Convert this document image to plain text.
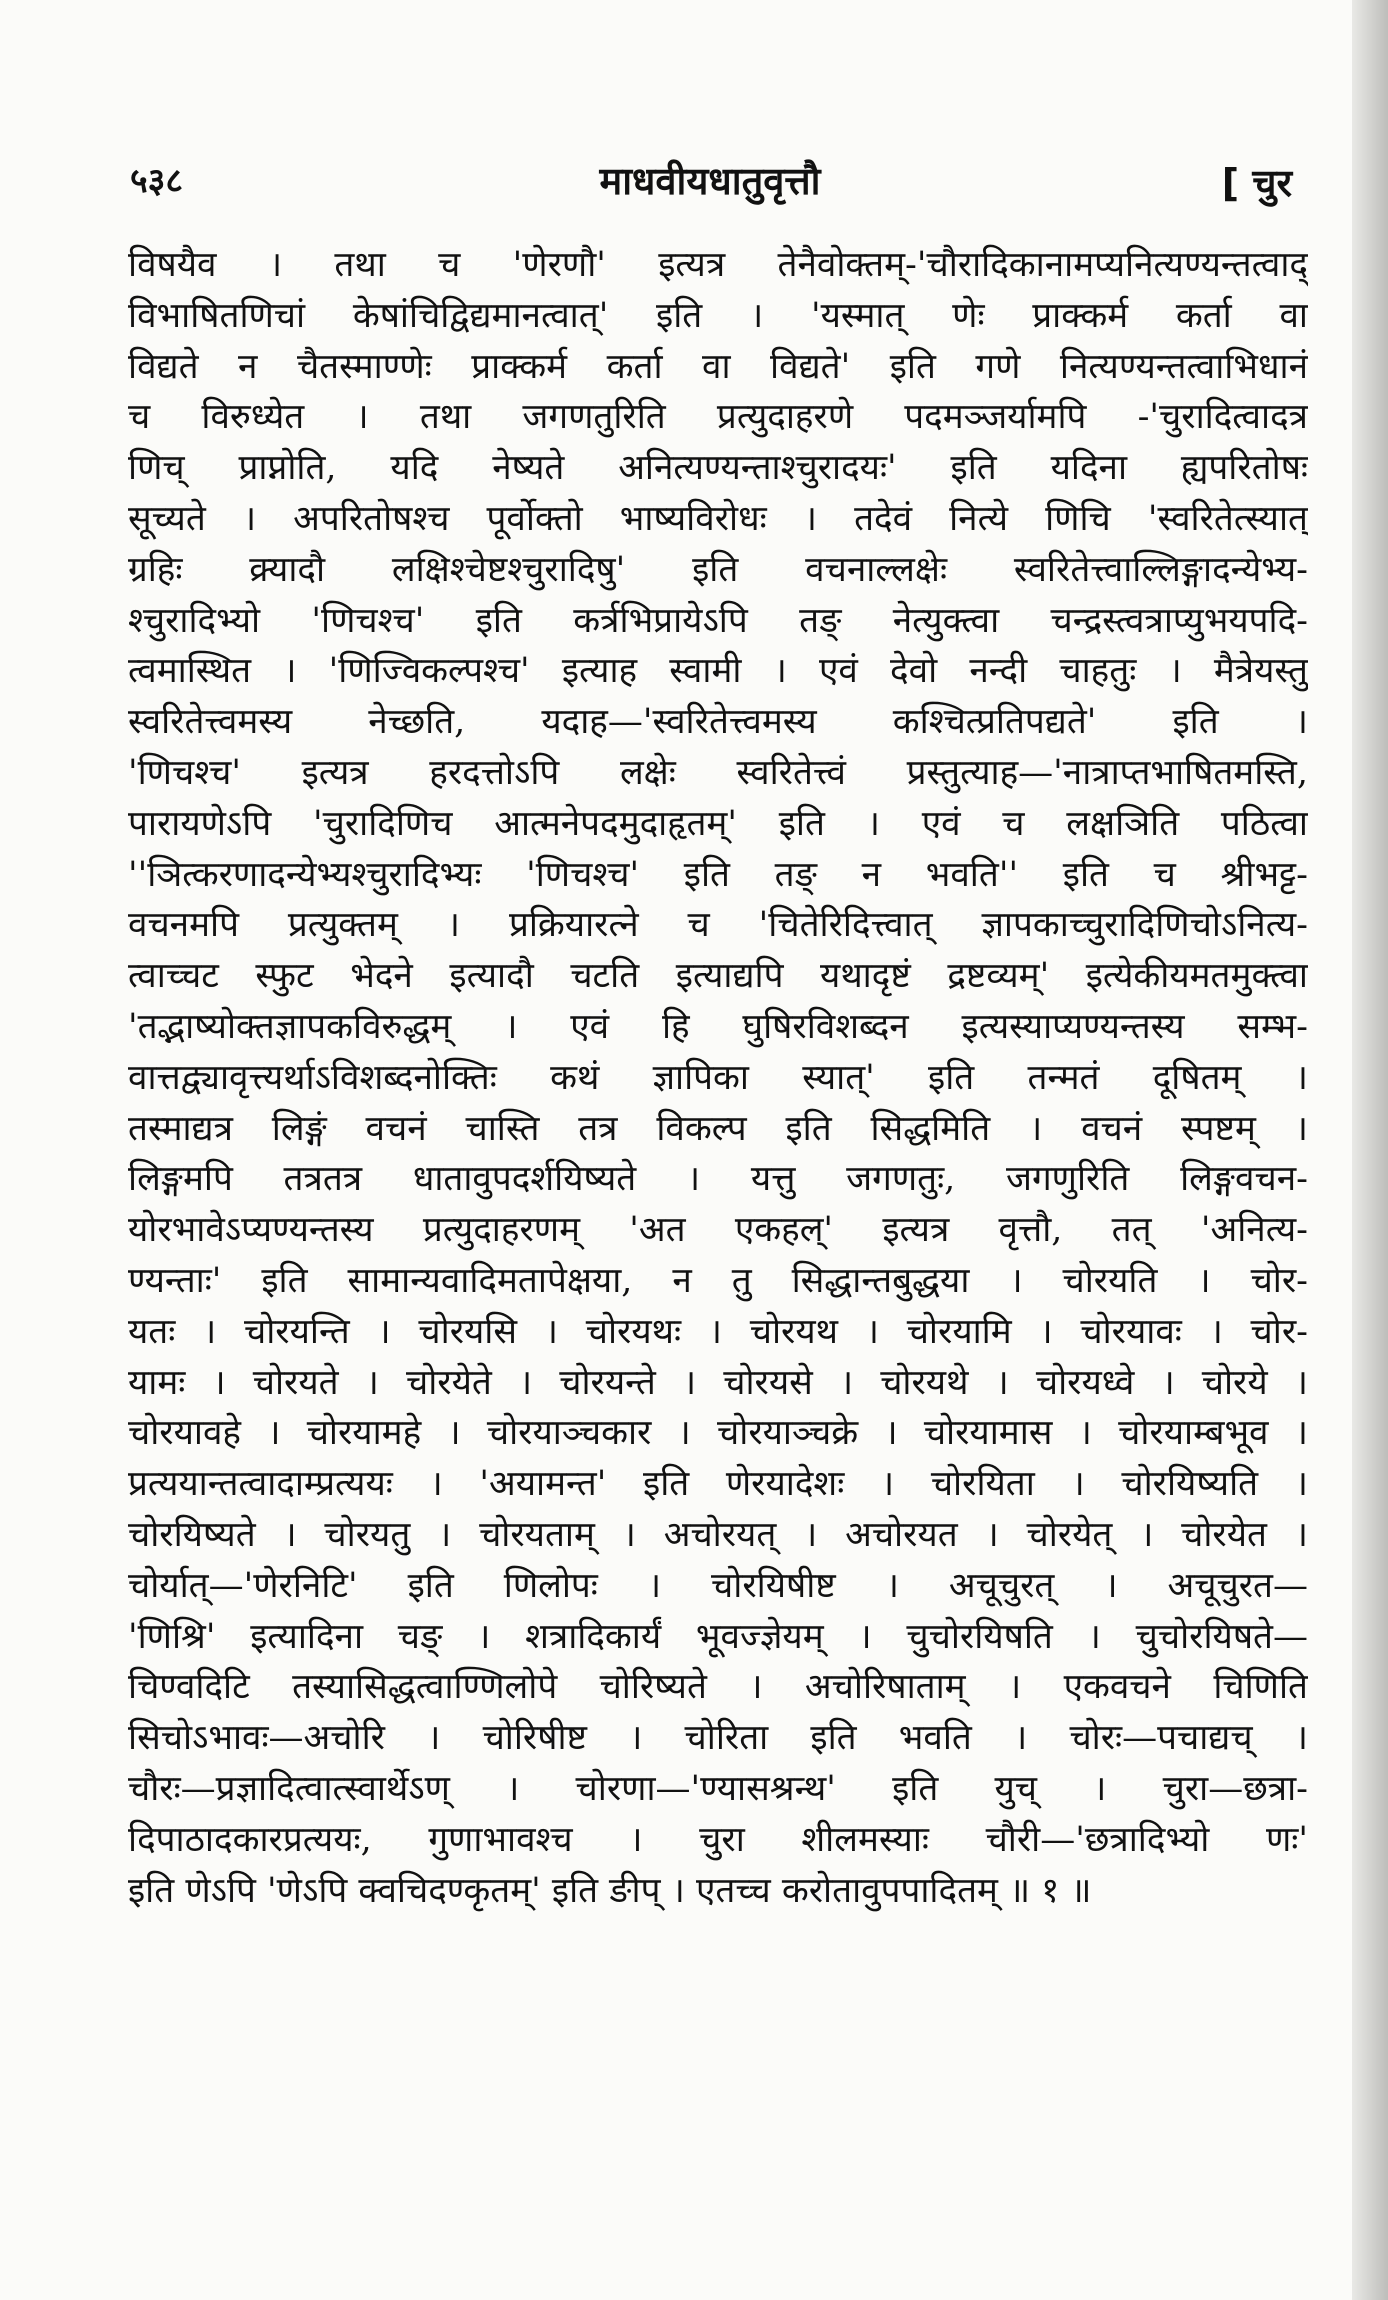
५३८	माधवीयधातुवृत्तौ	[ चुर
विषयैव । तथा च 'णेरणौ' इत्यत्र तेनैवोक्तम्-'चौरादिकानामप्यनित्यण्यन्तत्वाद्
विभाषितणिचां केषांचिद्विद्यमानत्वात्' इति । 'यस्मात् णेः प्राक्कर्म कर्ता वा
विद्यते न चैतस्माण्णेः प्राक्कर्म कर्ता वा विद्यते' इति गणे नित्यण्यन्तत्वाभिधानं
च विरुध्येत । तथा जगणतुरिति प्रत्युदाहरणे पदमञ्जर्यामपि -'चुरादित्वादत्र
णिच् प्राप्नोति, यदि नेष्यते अनित्यण्यन्ताश्चुरादयः' इति यदिना ह्यपरितोषः
सूच्यते । अपरितोषश्च पूर्वोक्तो भाष्यविरोधः । तदेवं नित्ये णिचि 'स्वरितेत्स्यात्
ग्रहिः क्र्यादौ लक्षिश्चेष्टश्चुरादिषु' इति वचनाल्लक्षेः स्वरितेत्त्वाल्लिङ्गादन्येभ्य-
श्चुरादिभ्यो 'णिचश्च' इति कर्त्रभिप्रायेऽपि तङ् नेत्युक्त्वा चन्द्रस्त्वत्राप्युभयपदि-
त्वमास्थित । 'णिज्विकल्पश्च' इत्याह स्वामी । एवं देवो नन्दी चाहतुः । मैत्रेयस्तु
स्वरितेत्त्वमस्य नेच्छति, यदाह—'स्वरितेत्त्वमस्य कश्चित्प्रतिपद्यते' इति ।
'णिचश्च' इत्यत्र हरदत्तोऽपि लक्षेः स्वरितेत्त्वं प्रस्तुत्याह—'नात्राप्तभाषितमस्ति,
पारायणेऽपि 'चुरादिणिच आत्मनेपदमुदाहृतम्' इति । एवं च लक्षञिति पठित्वा
''ञित्करणादन्येभ्यश्चुरादिभ्यः 'णिचश्च' इति तङ् न भवति'' इति च श्रीभट्ट-
वचनमपि प्रत्युक्तम् । प्रक्रियारत्ने च 'चितेरिदित्त्वात् ज्ञापकाच्चुरादिणिचोऽनित्य-
त्वाच्चट स्फुट भेदने इत्यादौ चटति इत्याद्यपि यथादृष्टं द्रष्टव्यम्' इत्येकीयमतमुक्त्वा
'तद्भाष्योक्तज्ञापकविरुद्धम् । एवं हि घुषिरविशब्दन इत्यस्याप्यण्यन्तस्य सम्भ-
वात्तद्व्यावृत्त्यर्थाऽविशब्दनोक्तिः कथं ज्ञापिका स्यात्' इति तन्मतं दूषितम् ।
तस्माद्यत्र लिङ्गं वचनं चास्ति तत्र विकल्प इति सिद्धमिति । वचनं स्पष्टम् ।
लिङ्गमपि तत्रतत्र धातावुपदर्शयिष्यते । यत्तु जगणतुः, जगणुरिति लिङ्गवचन-
योरभावेऽप्यण्यन्तस्य प्रत्युदाहरणम् 'अत एकहल्' इत्यत्र वृत्तौ, तत् 'अनित्य-
ण्यन्ताः' इति सामान्यवादिमतापेक्षया, न तु सिद्धान्तबुद्धया । चोरयति । चोर-
यतः । चोरयन्ति । चोरयसि । चोरयथः । चोरयथ । चोरयामि । चोरयावः । चोर-
यामः । चोरयते । चोरयेते । चोरयन्ते । चोरयसे । चोरयथे । चोरयध्वे । चोरये ।
चोरयावहे । चोरयामहे । चोरयाञ्चकार । चोरयाञ्चक्रे । चोरयामास । चोरयाम्बभूव ।
प्रत्ययान्तत्वादाम्प्रत्ययः । 'अयामन्त' इति णेरयादेशः । चोरयिता । चोरयिष्यति ।
चोरयिष्यते । चोरयतु । चोरयताम् । अचोरयत् । अचोरयत । चोरयेत् । चोरयेत ।
चोर्यात्—'णेरनिटि' इति णिलोपः । चोरयिषीष्ट । अचूचुरत् । अचूचुरत—
'णिश्रि' इत्यादिना चङ् । शत्रादिकार्यं भूवज्ज्ञेयम् । चुचोरयिषति । चुचोरयिषते—
चिण्वदिटि तस्यासिद्धत्वाण्णिलोपे चोरिष्यते । अचोरिषाताम् । एकवचने चिणिति
सिचोऽभावः—अचोरि । चोरिषीष्ट । चोरिता इति भवति । चोरः—पचाद्यच् ।
चौरः—प्रज्ञादित्वात्स्वार्थेऽण् । चोरणा—'ण्यासश्रन्थ' इति युच् । चुरा—छत्रा-
दिपाठादकारप्रत्ययः, गुणाभावश्च । चुरा शीलमस्याः चौरी—'छत्रादिभ्यो णः'
इति णेऽपि 'णेऽपि क्वचिदण्कृतम्' इति ङीप् । एतच्च करोतावुपपादितम् ॥ १ ॥
